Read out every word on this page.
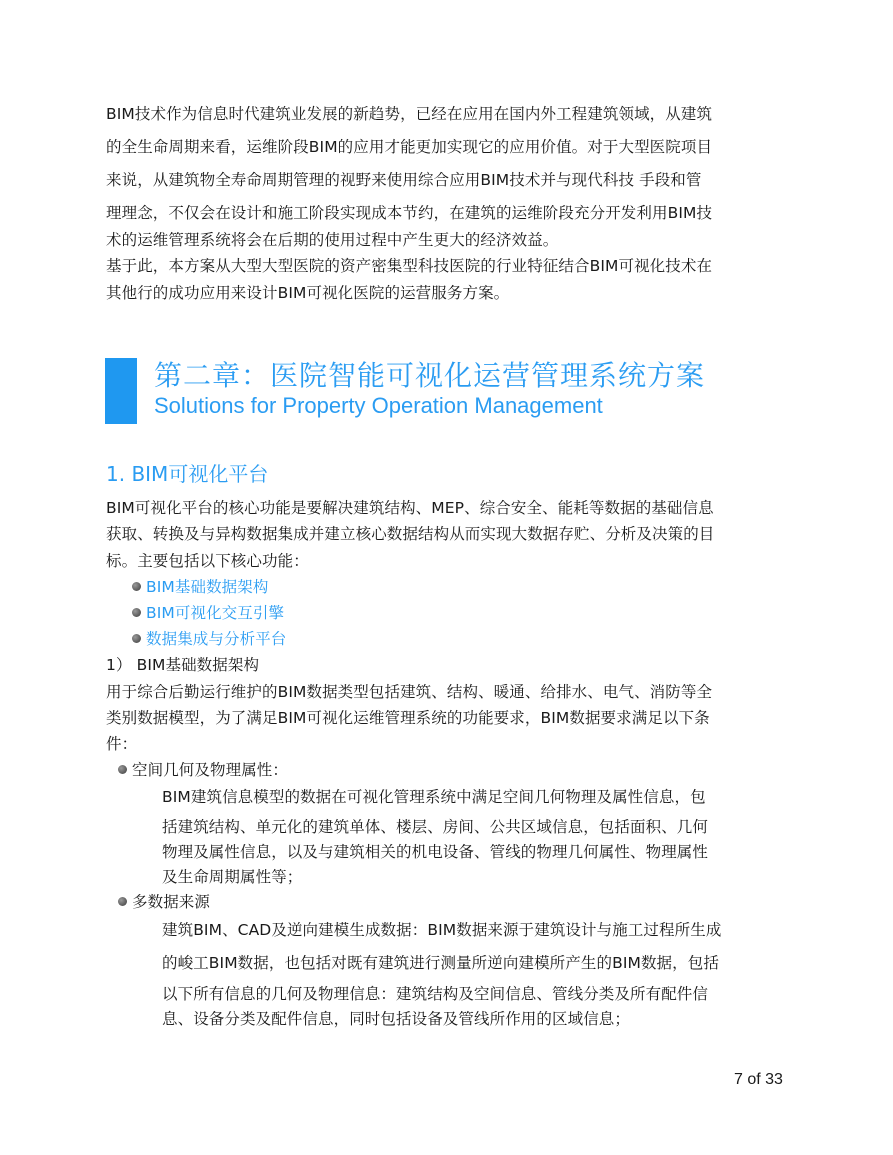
BIM技术作为信息时代建筑业发展的新趋势，已经在应用在国内外工程建筑领域，从建筑
的全生命周期来看，运维阶段BIM的应用才能更加实现它的应用价值。对于大型医院项目
来说，从建筑物全寿命周期管理的视野来使用综合应用BIM技术并与现代科技 手段和管
理理念，不仅会在设计和施工阶段实现成本节约，在建筑的运维阶段充分开发利用BIM技
术的运维管理系统将会在后期的使用过程中产生更大的经济效益。
基于此，本方案从大型大型医院的资产密集型科技医院的行业特征结合BIM可视化技术在
其他行的成功应用来设计BIM可视化医院的运营服务方案。
第二章：医院智能可视化运营管理系统方案
Solutions for Property Operation Management
1. BIM可视化平台
BIM可视化平台的核心功能是要解决建筑结构、MEP、综合安全、能耗等数据的基础信息
获取、转换及与异构数据集成并建立核心数据结构从而实现大数据存贮、分析及决策的目
标。主要包括以下核心功能：
BIM基础数据架构
BIM可视化交互引擎
数据集成与分析平台
1） BIM基础数据架构
用于综合后勤运行维护的BIM数据类型包括建筑、结构、暖通、给排水、电气、消防等全
类别数据模型，为了满足BIM可视化运维管理系统的功能要求，BIM数据要求满足以下条
件：
空间几何及物理属性：
BIM建筑信息模型的数据在可视化管理系统中满足空间几何物理及属性信息，包
括建筑结构、单元化的建筑单体、楼层、房间、公共区域信息，包括面积、几何
物理及属性信息，以及与建筑相关的机电设备、管线的物理几何属性、物理属性
及生命周期属性等；
多数据来源
建筑BIM、CAD及逆向建模生成数据：BIM数据来源于建筑设计与施工过程所生成
的峻工BIM数据，也包括对既有建筑进行测量所逆向建模所产生的BIM数据，包括
以下所有信息的几何及物理信息：建筑结构及空间信息、管线分类及所有配件信
息、设备分类及配件信息，同时包括设备及管线所作用的区域信息；
7 of 33
